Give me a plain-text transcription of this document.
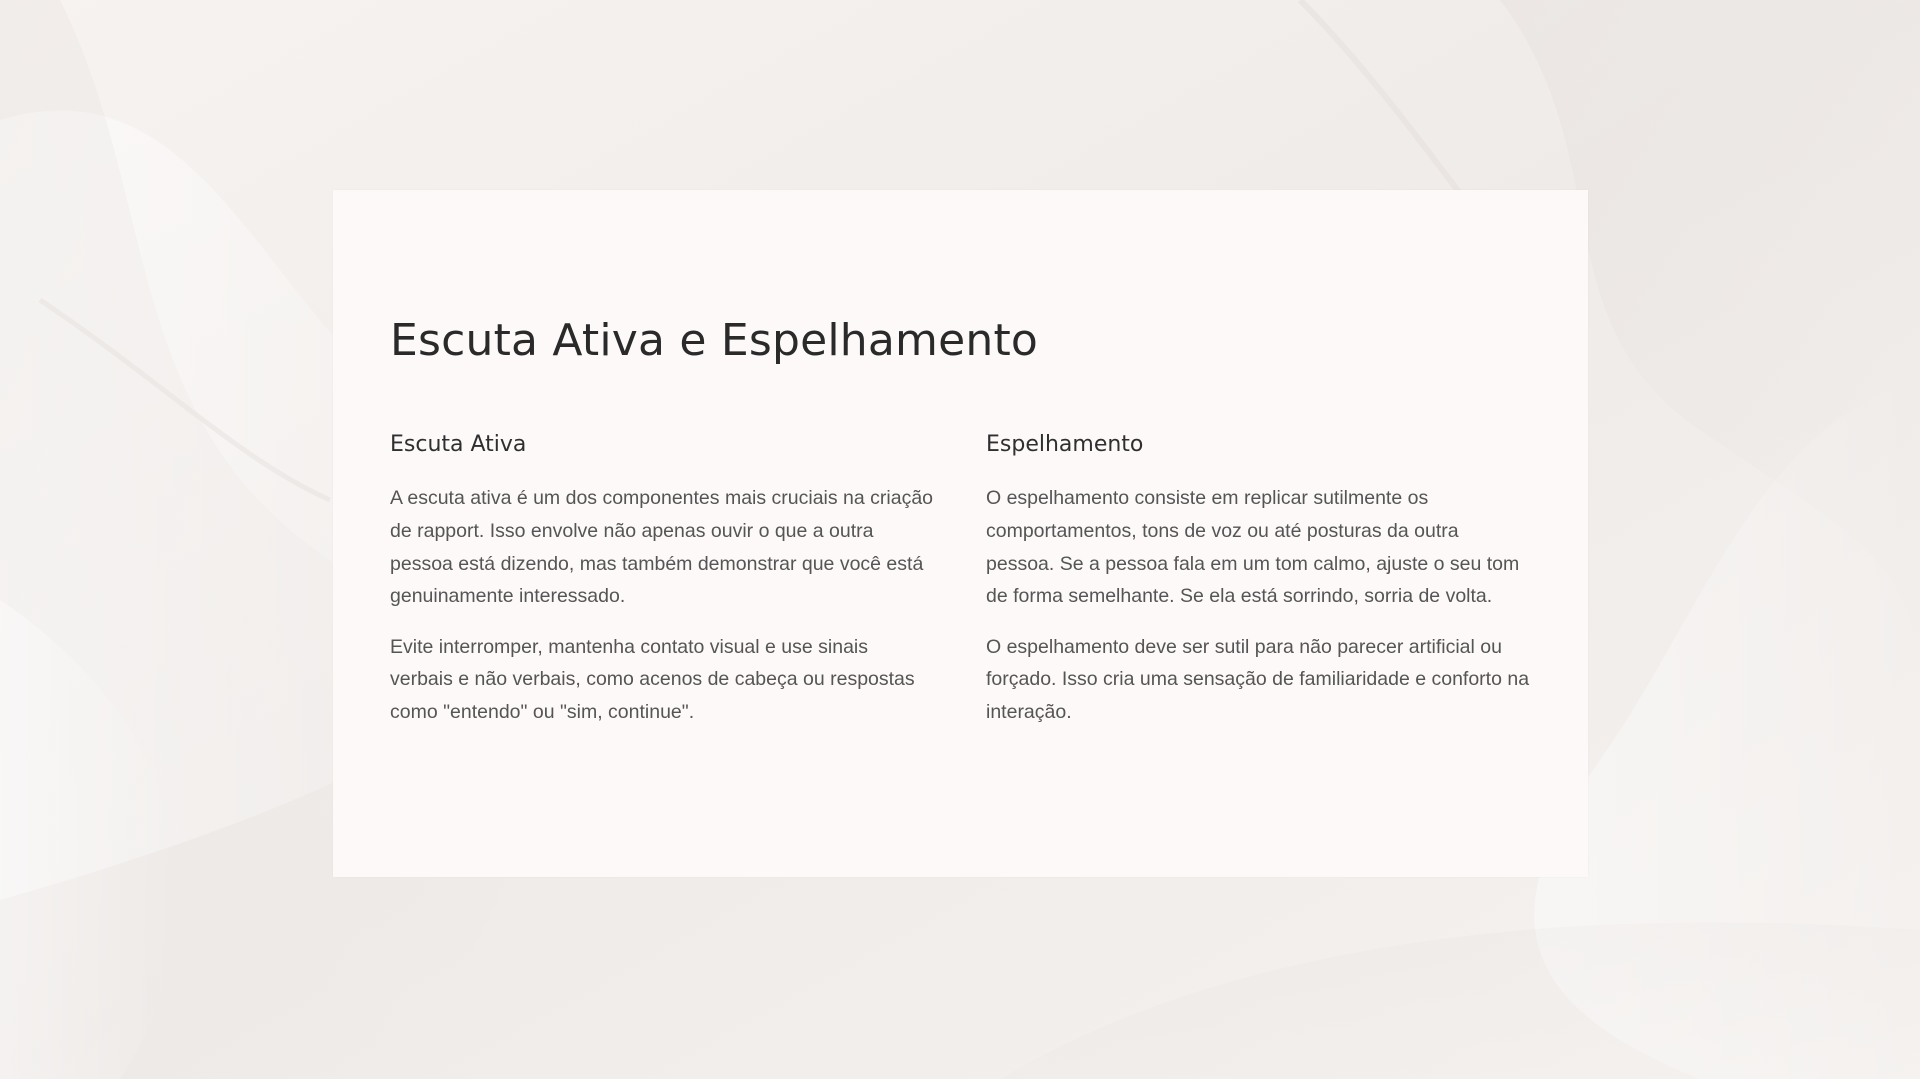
Escuta Ativa e Espelhamento
Escuta Ativa

A escuta ativa é um dos componentes mais cruciais na criação de rapport. Isso envolve não apenas ouvir o que a outra pessoa está dizendo, mas também demonstrar que você está genuinamente interessado.

Evite interromper, mantenha contato visual e use sinais verbais e não verbais, como acenos de cabeça ou respostas como "entendo" ou "sim, continue".

Espelhamento

O espelhamento consiste em replicar sutilmente os comportamentos, tons de voz ou até posturas da outra pessoa. Se a pessoa fala em um tom calmo, ajuste o seu tom de forma semelhante. Se ela está sorrindo, sorria de volta.

O espelhamento deve ser sutil para não parecer artificial ou forçado. Isso cria uma sensação de familiaridade e conforto na interação.
